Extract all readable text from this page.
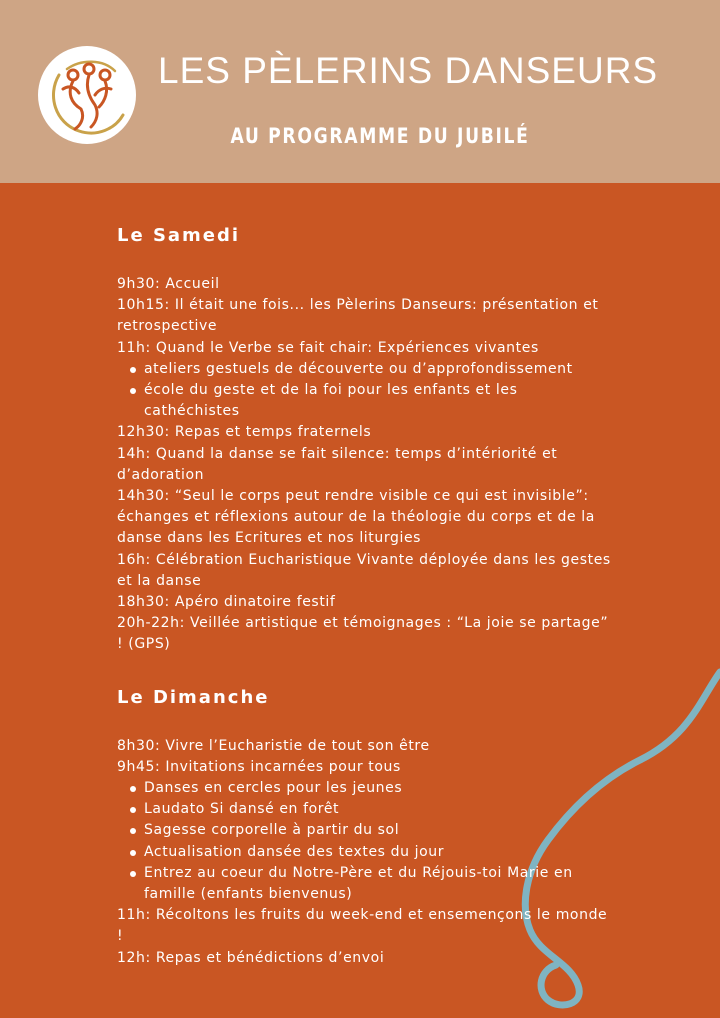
LES PÈLERINS DANSEURS
AU PROGRAMME DU JUBILÉ
Le Samedi
9h30: Accueil
10h15: Il était une fois... les Pèlerins Danseurs: présentation et retrospective
11h: Quand le Verbe se fait chair: Expériences vivantes
ateliers gestuels de découverte ou d’approfondissement
école du geste et de la foi pour les enfants et les cathéchistes
12h30: Repas et temps fraternels
14h: Quand la danse se fait silence: temps d’intériorité et d’adoration
14h30: “Seul le corps peut rendre visible ce qui est invisible”: échanges et réflexions autour de la théologie du corps et de la danse dans les Ecritures et nos liturgies
16h: Célébration Eucharistique Vivante déployée dans les gestes et la danse
18h30: Apéro dinatoire festif
20h-22h: Veillée artistique et témoignages : “La joie se partage” ! (GPS)
Le Dimanche
8h30: Vivre l’Eucharistie de tout son être
9h45: Invitations incarnées pour tous
Danses en cercles pour les jeunes
Laudato Si dansé en forêt
Sagesse corporelle à partir du sol
Actualisation dansée des textes du jour
Entrez au coeur du Notre-Père et du Réjouis-toi Marie en famille (enfants bienvenus)
11h: Récoltons les fruits du week-end et ensemençons le monde !
12h: Repas et bénédictions d’envoi
